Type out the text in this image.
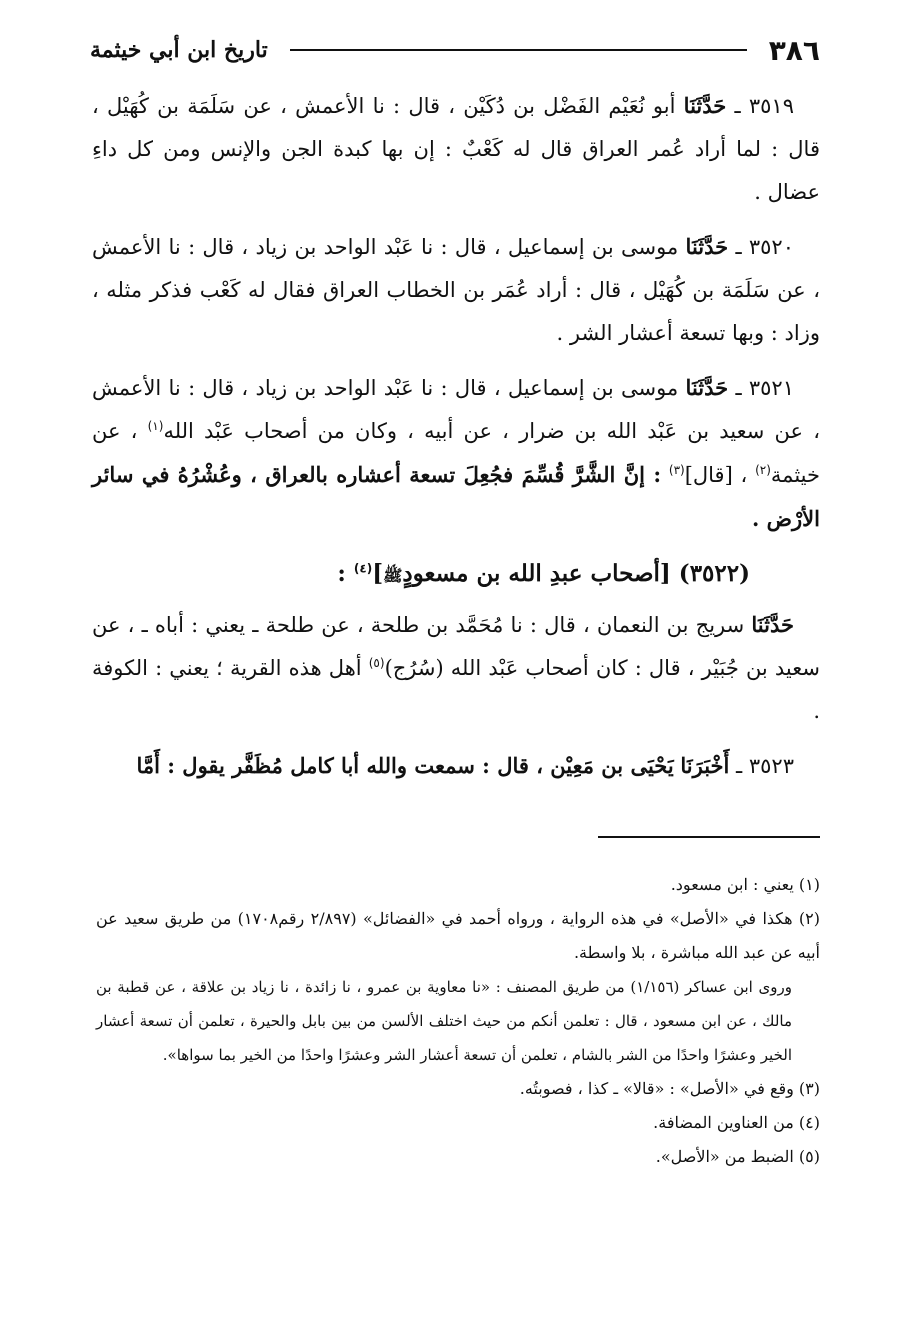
٣٨٦
تاريخ ابن أبي خيثمة

٣٥١٩ ـ حَدَّثَنَا أبو نُعَيْم الفَضْل بن دُكَيْن ، قال : نا الأعمش ، عن سَلَمَة بن كُهَيْل ، قال : لما أراد عُمر العراق قال له كَعْبٌ : إن بها كبدة الجن والإنس ومن كل داءِ عضال .

٣٥٢٠ ـ حَدَّثَنَا موسى بن إسماعيل ، قال : نا عَبْد الواحد بن زياد ، قال : نا الأعمش ، عن سَلَمَة بن كُهَيْل ، قال : أراد عُمَر بن الخطاب العراق فقال له كَعْب فذكر مثله ، وزاد : وبها تسعة أعشار الشر .

٣٥٢١ ـ حَدَّثَنَا موسى بن إسماعيل ، قال : نا عَبْد الواحد بن زياد ، قال : نا الأعمش ، عن سعيد بن عَبْد الله بن ضرار ، عن أبيه ، وكان من أصحاب عَبْد الله$^{(١)}$ ، عن خيثمة$^{(٢)}$ ، [قال]$^{(٣)}$ : إنَّ الشَّرَّ قُسِّمَ فجُعِلَ تسعة أعشاره بالعراق ، وعُشْرُهُ في سائر الأرْض .

(٣٥٢٢) [أصحاب عبدِ الله بن مسعودٍﷺ]$^{(٤)}$ :

حَدَّثَنَا سريج بن النعمان ، قال : نا مُحَمَّد بن طلحة ، عن طلحة ـ يعني : أباه ـ ، عن سعيد بن جُبَيْر ، قال : كان أصحاب عَبْد الله (سُرُج)$^{(٥)}$ أهل هذه القرية ؛ يعني : الكوفة .

٣٥٢٣ ـ أَخْبَرَنَا يَحْيَى بن مَعِيْن ، قال : سمعت والله أبا كامل مُظَفَّر يقول : أَمَّا

(١) يعني : ابن مسعود.

(٢) هكذا في «الأصل» في هذه الرواية ، ورواه أحمد في «الفضائل» (٢/٨٩٧ رقم١٧٠٨) من طريق سعيد عن أبيه عن عبد الله مباشرة ، بلا واسطة.

وروى ابن عساكر (١/١٥٦) من طريق المصنف : «نا معاوية بن عمرو ، نا زائدة ، نا زياد بن علاقة ، عن قطبة بن مالك ، عن ابن مسعود ، قال : تعلمن أنكم من حيث اختلف الألسن من بين بابل والحيرة ، تعلمن أن تسعة أعشار الخير وعشرًا واحدًا من الشر بالشام ، تعلمن أن تسعة أعشار الشر وعشرًا واحدًا من الخير بما سواها».

(٣) وقع في «الأصل» : «قالا» ـ كذا ، فصوبتُه.

(٤) من العناوين المضافة.

(٥) الضبط من «الأصل».
